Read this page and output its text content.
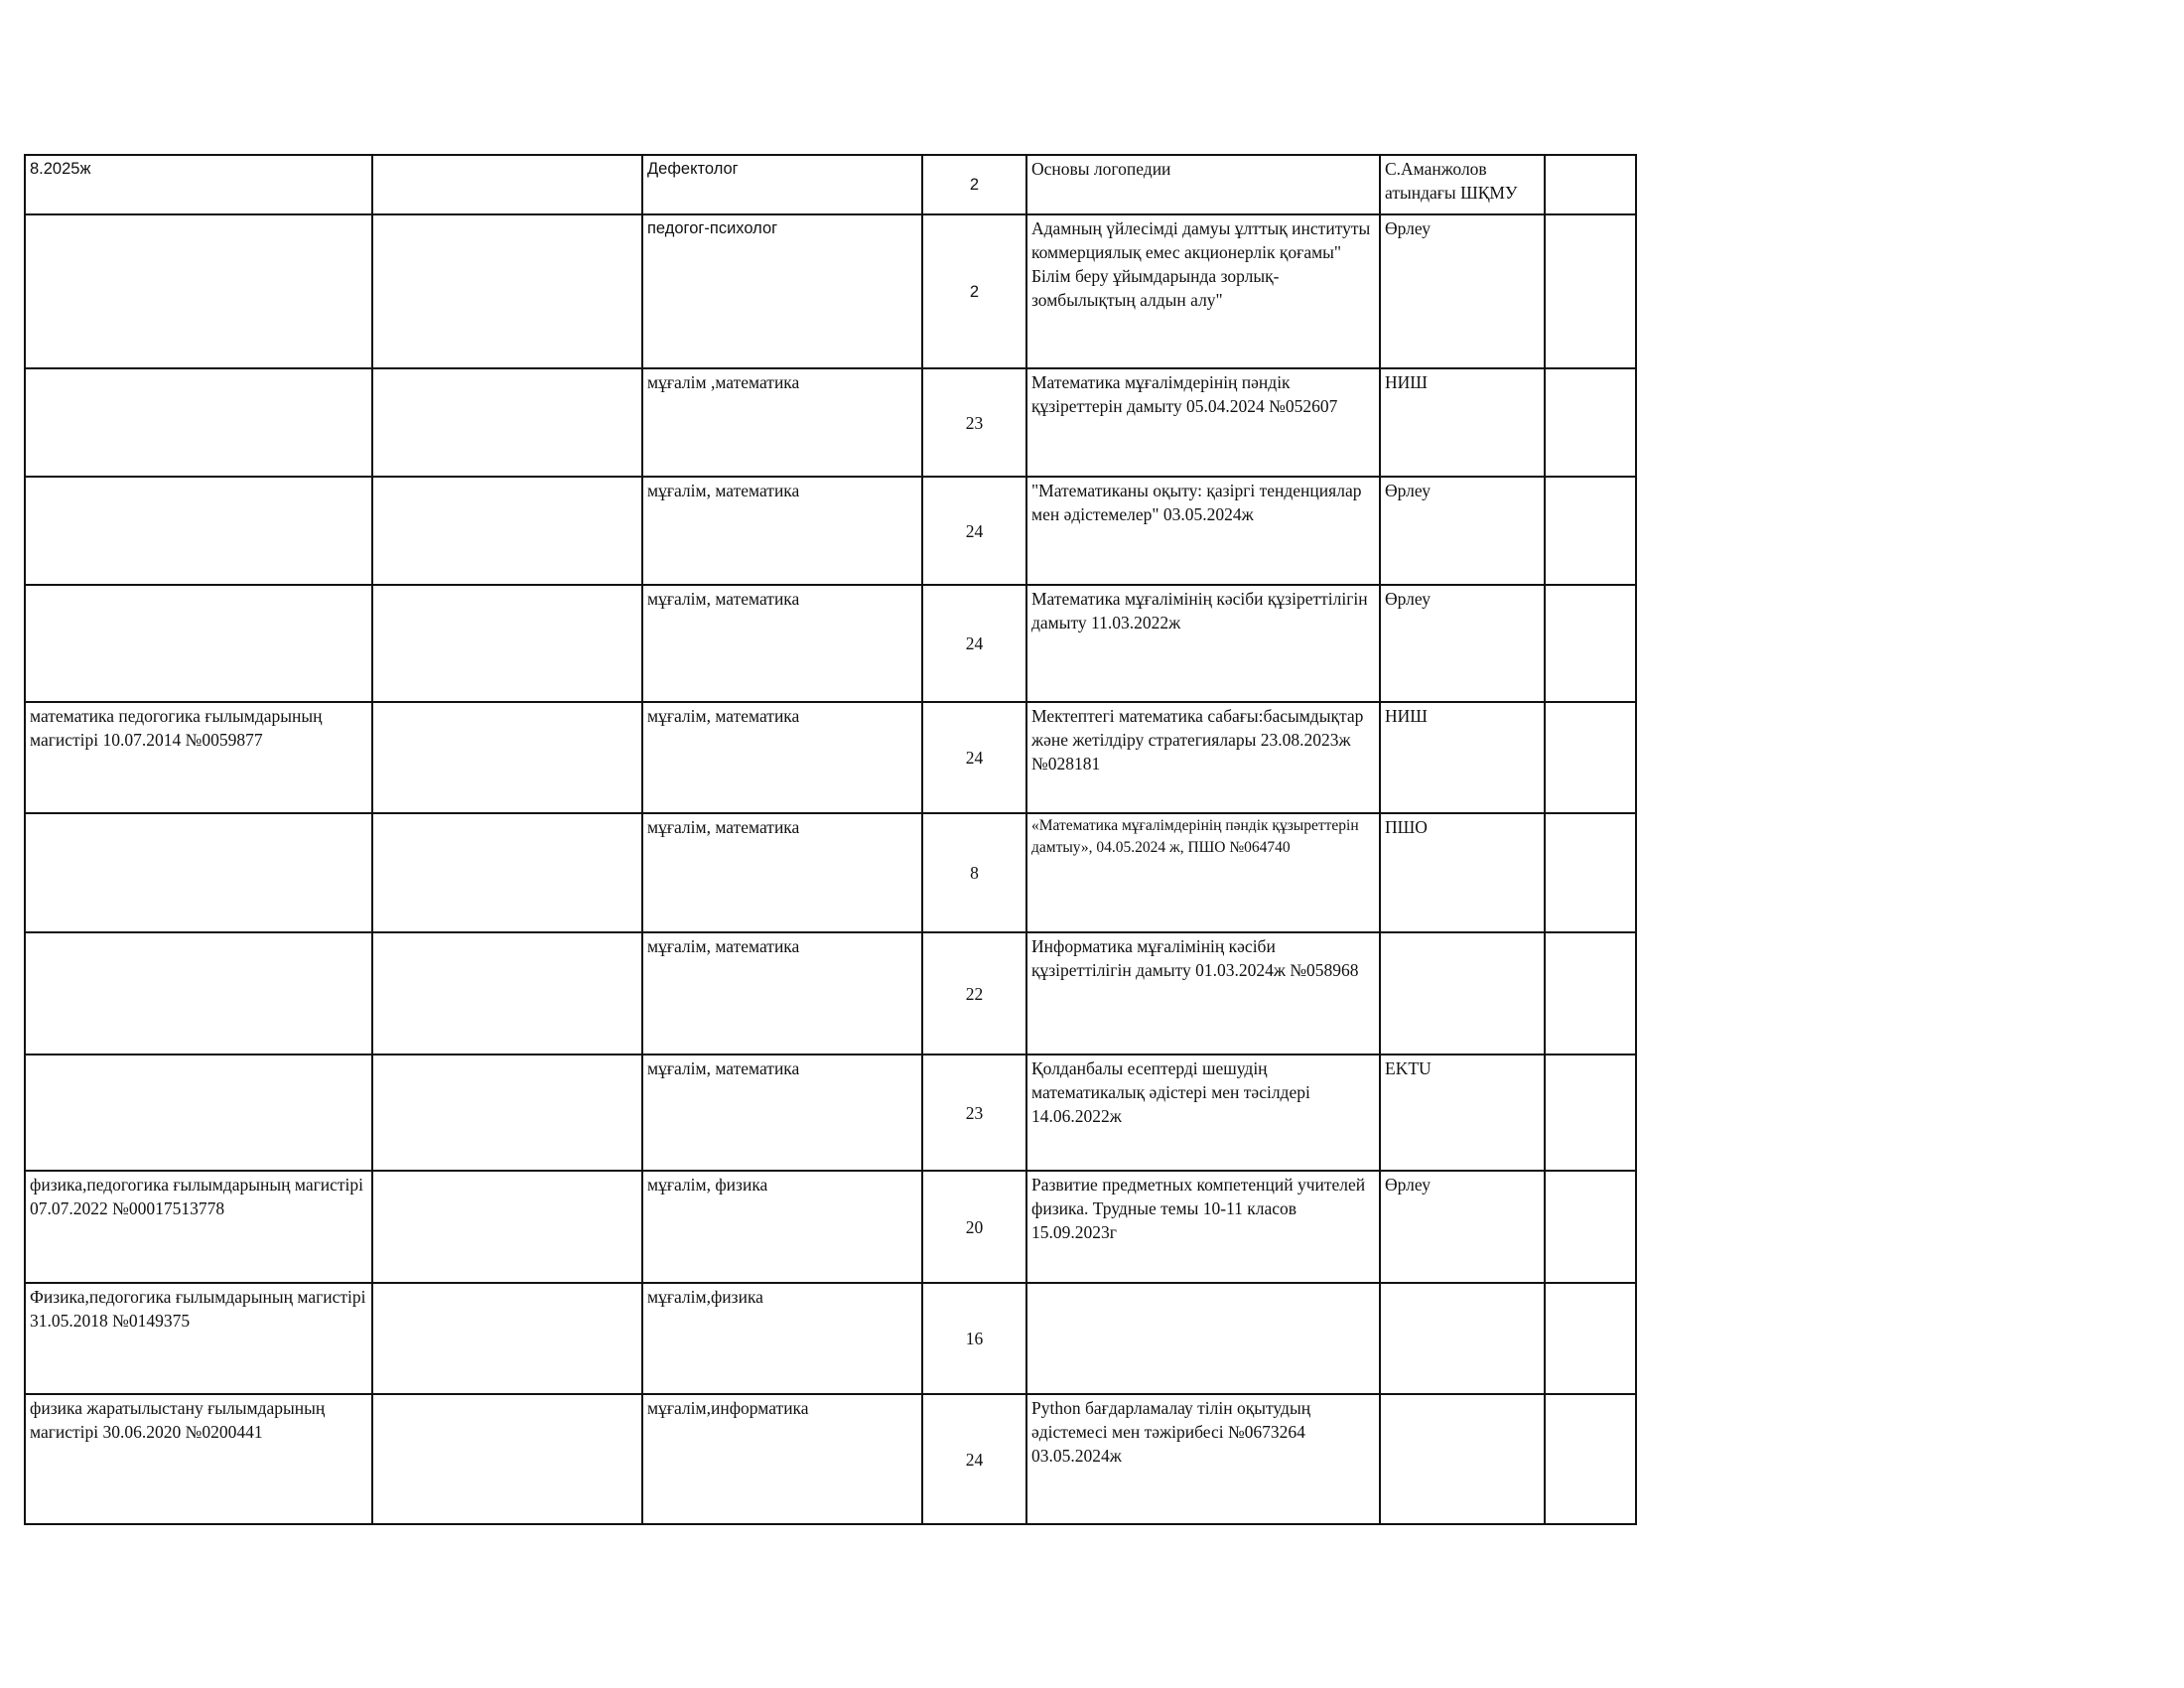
8.2025ж		Дефектолог	2	Основы логопедии	С.Аманжолов атындағы ШҚМУ	

		педогог-психолог	2	Адамның үйлесімді дамуы ұлттық институты коммерциялық емес акционерлік қоғамы" Білім беру ұйымдарында зорлық-зомбылықтың алдын алу"	Өрлеу	
		мұғалім ,математика	23	Математика мұғалімдерінің пәндік құзіреттерін дамыту 05.04.2024 №052607	НИШ	
		мұғалім, математика	24	"Математиканы оқыту: қазіргі тенденциялар мен әдістемелер" 03.05.2024ж	Өрлеу	
		мұғалім, математика	24	Математика мұғалімінің кәсіби құзіреттілігін дамыту 11.03.2022ж	Өрлеу	
математика педогогика ғылымдарының магистірі 10.07.2014 №0059877		мұғалім, математика	24	Мектептегі математика сабағы:басымдықтар және жетілдіру стратегиялары 23.08.2023ж №028181	НИШ	
		мұғалім, математика	8	«Математика мұғалімдерінің пәндік құзыреттерін дамтыу», 04.05.2024 ж, ПШО №064740	ПШО	
		мұғалім, математика	22	Информатика мұғалімінің кәсіби құзіреттілігін дамыту 01.03.2024ж №058968		
		мұғалім, математика	23	Қолданбалы есептерді шешудің математикалық әдістері мен тәсілдері 14.06.2022ж	EKTU	
физика,педогогика ғылымдарының магистірі 07.07.2022 №00017513778		мұғалім, физика	20	Развитие предметных компетенций учителей физика. Трудные темы 10-11 класов 15.09.2023г	Өрлеу	
Физика,педогогика ғылымдарының магистірі 31.05.2018 №0149375		мұғалім,физика	16			
физика жаратылыстану ғылымдарының магистірі 30.06.2020 №0200441		мұғалім,информатика	24	Python бағдарламалау тілін оқытудың әдістемесі мен тәжірибесі №0673264 03.05.2024ж		
